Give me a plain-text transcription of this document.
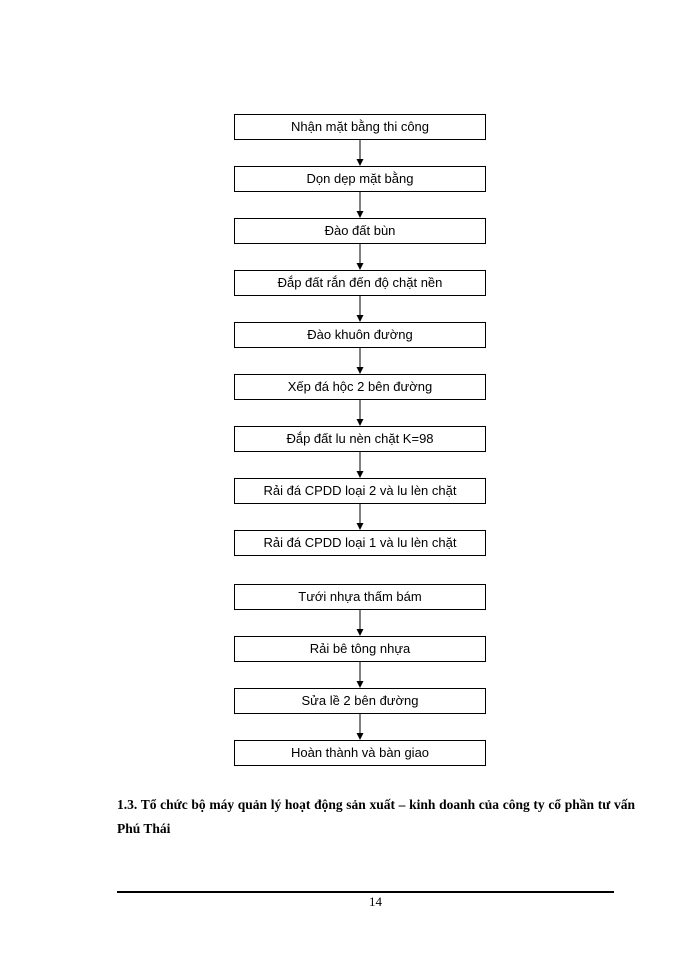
Nhận mặt bằng thi công
Dọn dẹp mặt bằng
Đào đất bùn
Đắp đất rắn đến độ chặt nền
Đào khuôn đường
Xếp đá hộc 2 bên đường
Đắp đất lu nèn chặt K=98
Rải đá CPDD loại 2 và lu lèn chặt
Rải đá CPDD loại 1 và lu lèn chặt
Tưới nhựa thấm bám
Rải bê tông nhựa
Sửa lề 2 bên đường
Hoàn thành và bàn giao
1.3. Tổ chức bộ máy quản lý hoạt động sản xuất – kinh doanh của công ty cổ phần tư vấn Phú Thái
14
